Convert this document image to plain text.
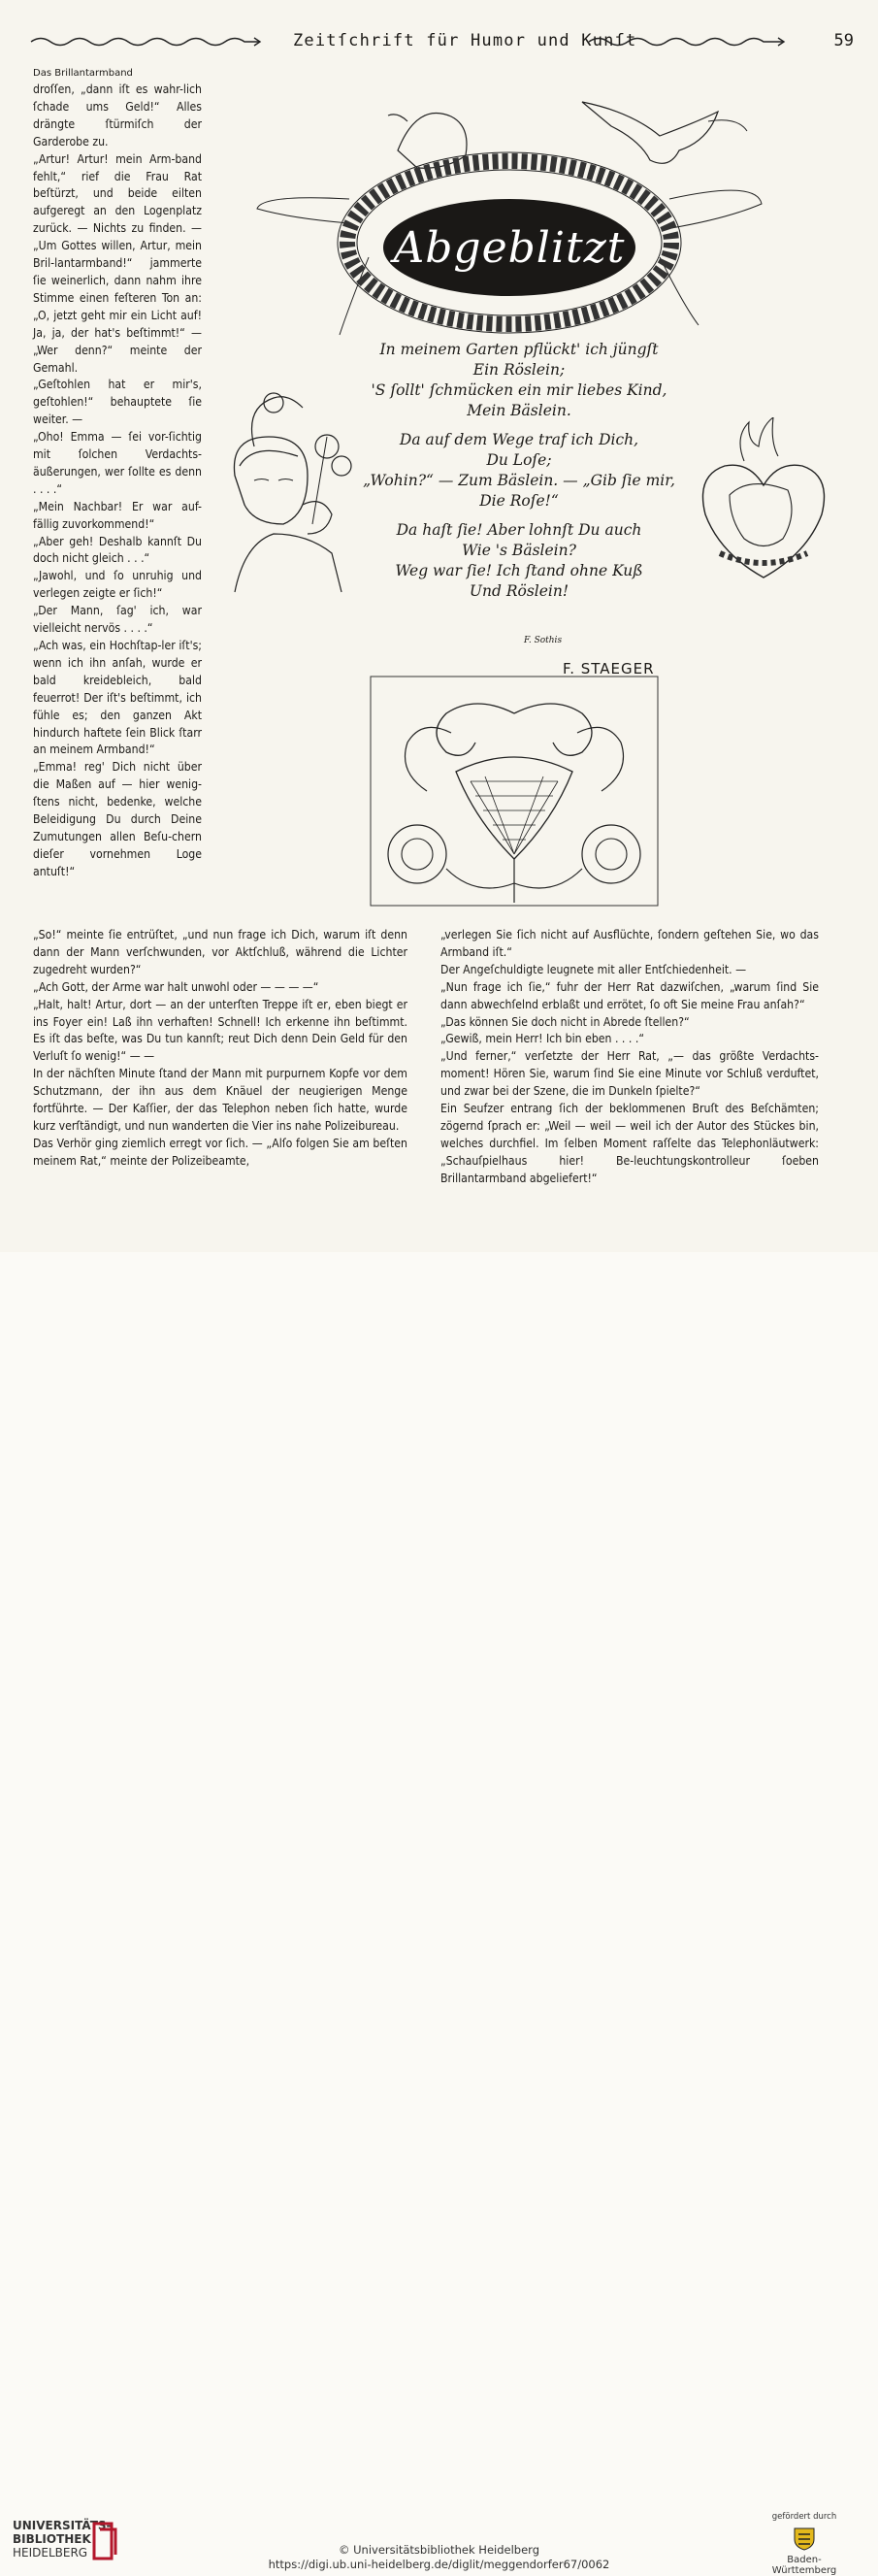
Zeitſchrift für Humor und Kunſt	59
Das Brillantarmband

droſſen, „dann iſt es wahr-lich ſchade ums Geld!“ Alles drängte ſtürmiſch der Garderobe zu.

„Artur! Artur! mein Arm-band fehlt,“ rief die Frau Rat beſtürzt, und beide eilten aufgeregt an den Logenplatz zurück. — Nichts zu finden. — „Um Gottes willen, Artur, mein Bril-lantarmband!“ jammerte ſie weinerlich, dann nahm ihre Stimme einen feſteren Ton an: „O, jetzt geht mir ein Licht auf! Ja, ja, der hat's beſtimmt!“ — „Wer denn?“ meinte der Gemahl.

„Geſtohlen hat er mir's, geſtohlen!“ behauptete ſie weiter. —

„Oho! Emma — ſei vor-ſichtig mit ſolchen Verdachts-äußerungen, wer ſollte es denn . . . .“

„Mein Nachbar! Er war auf-fällig zuvorkommend!“

„Aber geh! Deshalb kannſt Du doch nicht gleich . . .“

„Jawohl, und ſo unruhig und verlegen zeigte er ſich!“

„Der Mann, ſag' ich, war vielleicht nervös . . . .“

„Ach was, ein Hochſtap-ler iſt's; wenn ich ihn anſah, wurde er bald kreidebleich, bald feuerrot! Der iſt's beſtimmt, ich fühle es; den ganzen Akt hindurch haftete ſein Blick ſtarr an meinem Armband!“

„Emma! reg' Dich nicht über die Maßen auf — hier wenig-ſtens nicht, bedenke, welche Beleidigung Du durch Deine Zumutungen allen Beſu-chern dieſer vornehmen Loge antuſt!“

Abgeblitzt

In meinem Garten pflückt' ich jüngſt
Ein Röslein;
'S ſollt' ſchmücken ein mir liebes Kind,
Mein Bäslein.

Da auf dem Wege traf ich Dich,
Du Loſe;
„Wohin?“ — Zum Bäslein. — „Gib ſie mir,
Die Roſe!“

Da haſt ſie! Aber lohnſt Du auch
Wie 's Bäslein?
Weg war ſie! Ich ſtand ohne Kuß
Und Röslein!

F. Sothis
F. STAEGER

„So!“ meinte ſie entrüſtet, „und nun frage ich Dich, warum iſt denn dann der Mann verſchwunden, vor Aktſchluß, während die Lichter zugedreht wurden?“

„Ach Gott, der Arme war halt unwohl oder — — — —“

„Halt, halt! Artur, dort — an der unterſten Treppe iſt er, eben biegt er ins Foyer ein! Laß ihn verhaften! Schnell! Ich erkenne ihn beſtimmt. Es iſt das beſte, was Du tun kannſt; reut Dich denn Dein Geld für den Verluſt ſo wenig!“ — —

In der nächſten Minute ſtand der Mann mit purpurnem Kopfe vor dem Schutzmann, der ihn aus dem Knäuel der neugierigen Menge fortführte. — Der Kaſſier, der das Telephon neben ſich hatte, wurde kurz verſtändigt, und nun wanderten die Vier ins nahe Polizeibureau.

Das Verhör ging ziemlich erregt vor ſich. — „Alſo folgen Sie am beſten meinem Rat,“ meinte der Polizeibeamte,

„verlegen Sie ſich nicht auf Ausflüchte, ſondern geſtehen Sie, wo das Armband iſt.“

Der Angeſchuldigte leugnete mit aller Entſchiedenheit. —

„Nun frage ich ſie,“ fuhr der Herr Rat dazwiſchen, „warum ſind Sie dann abwechſelnd erblaßt und errötet, ſo oft Sie meine Frau anſah?“

„Das können Sie doch nicht in Abrede ſtellen?“

„Gewiß, mein Herr! Ich bin eben . . . .“

„Und ferner,“ verſetzte der Herr Rat, „— das größte Verdachts-moment! Hören Sie, warum ſind Sie eine Minute vor Schluß verduftet, und zwar bei der Szene, die im Dunkeln ſpielte?“

Ein Seufzer entrang ſich der beklommenen Bruſt des Beſchämten; zögernd ſprach er: „Weil — weil — weil ich der Autor des Stückes bin, welches durchfiel. Im ſelben Moment raſſelte das Telephonläutwerk: „Schauſpielhaus hier! Be-leuchtungskontrolleur ſoeben Brillantarmband abgeliefert!“

UNIVERSITÄTS-
BIBLIOTHEK
HEIDELBERG	© Universitätsbibliothek Heidelberg
https://digi.ub.uni-heidelberg.de/diglit/meggendorfer67/0062
gefördert durch
Baden-Württemberg
